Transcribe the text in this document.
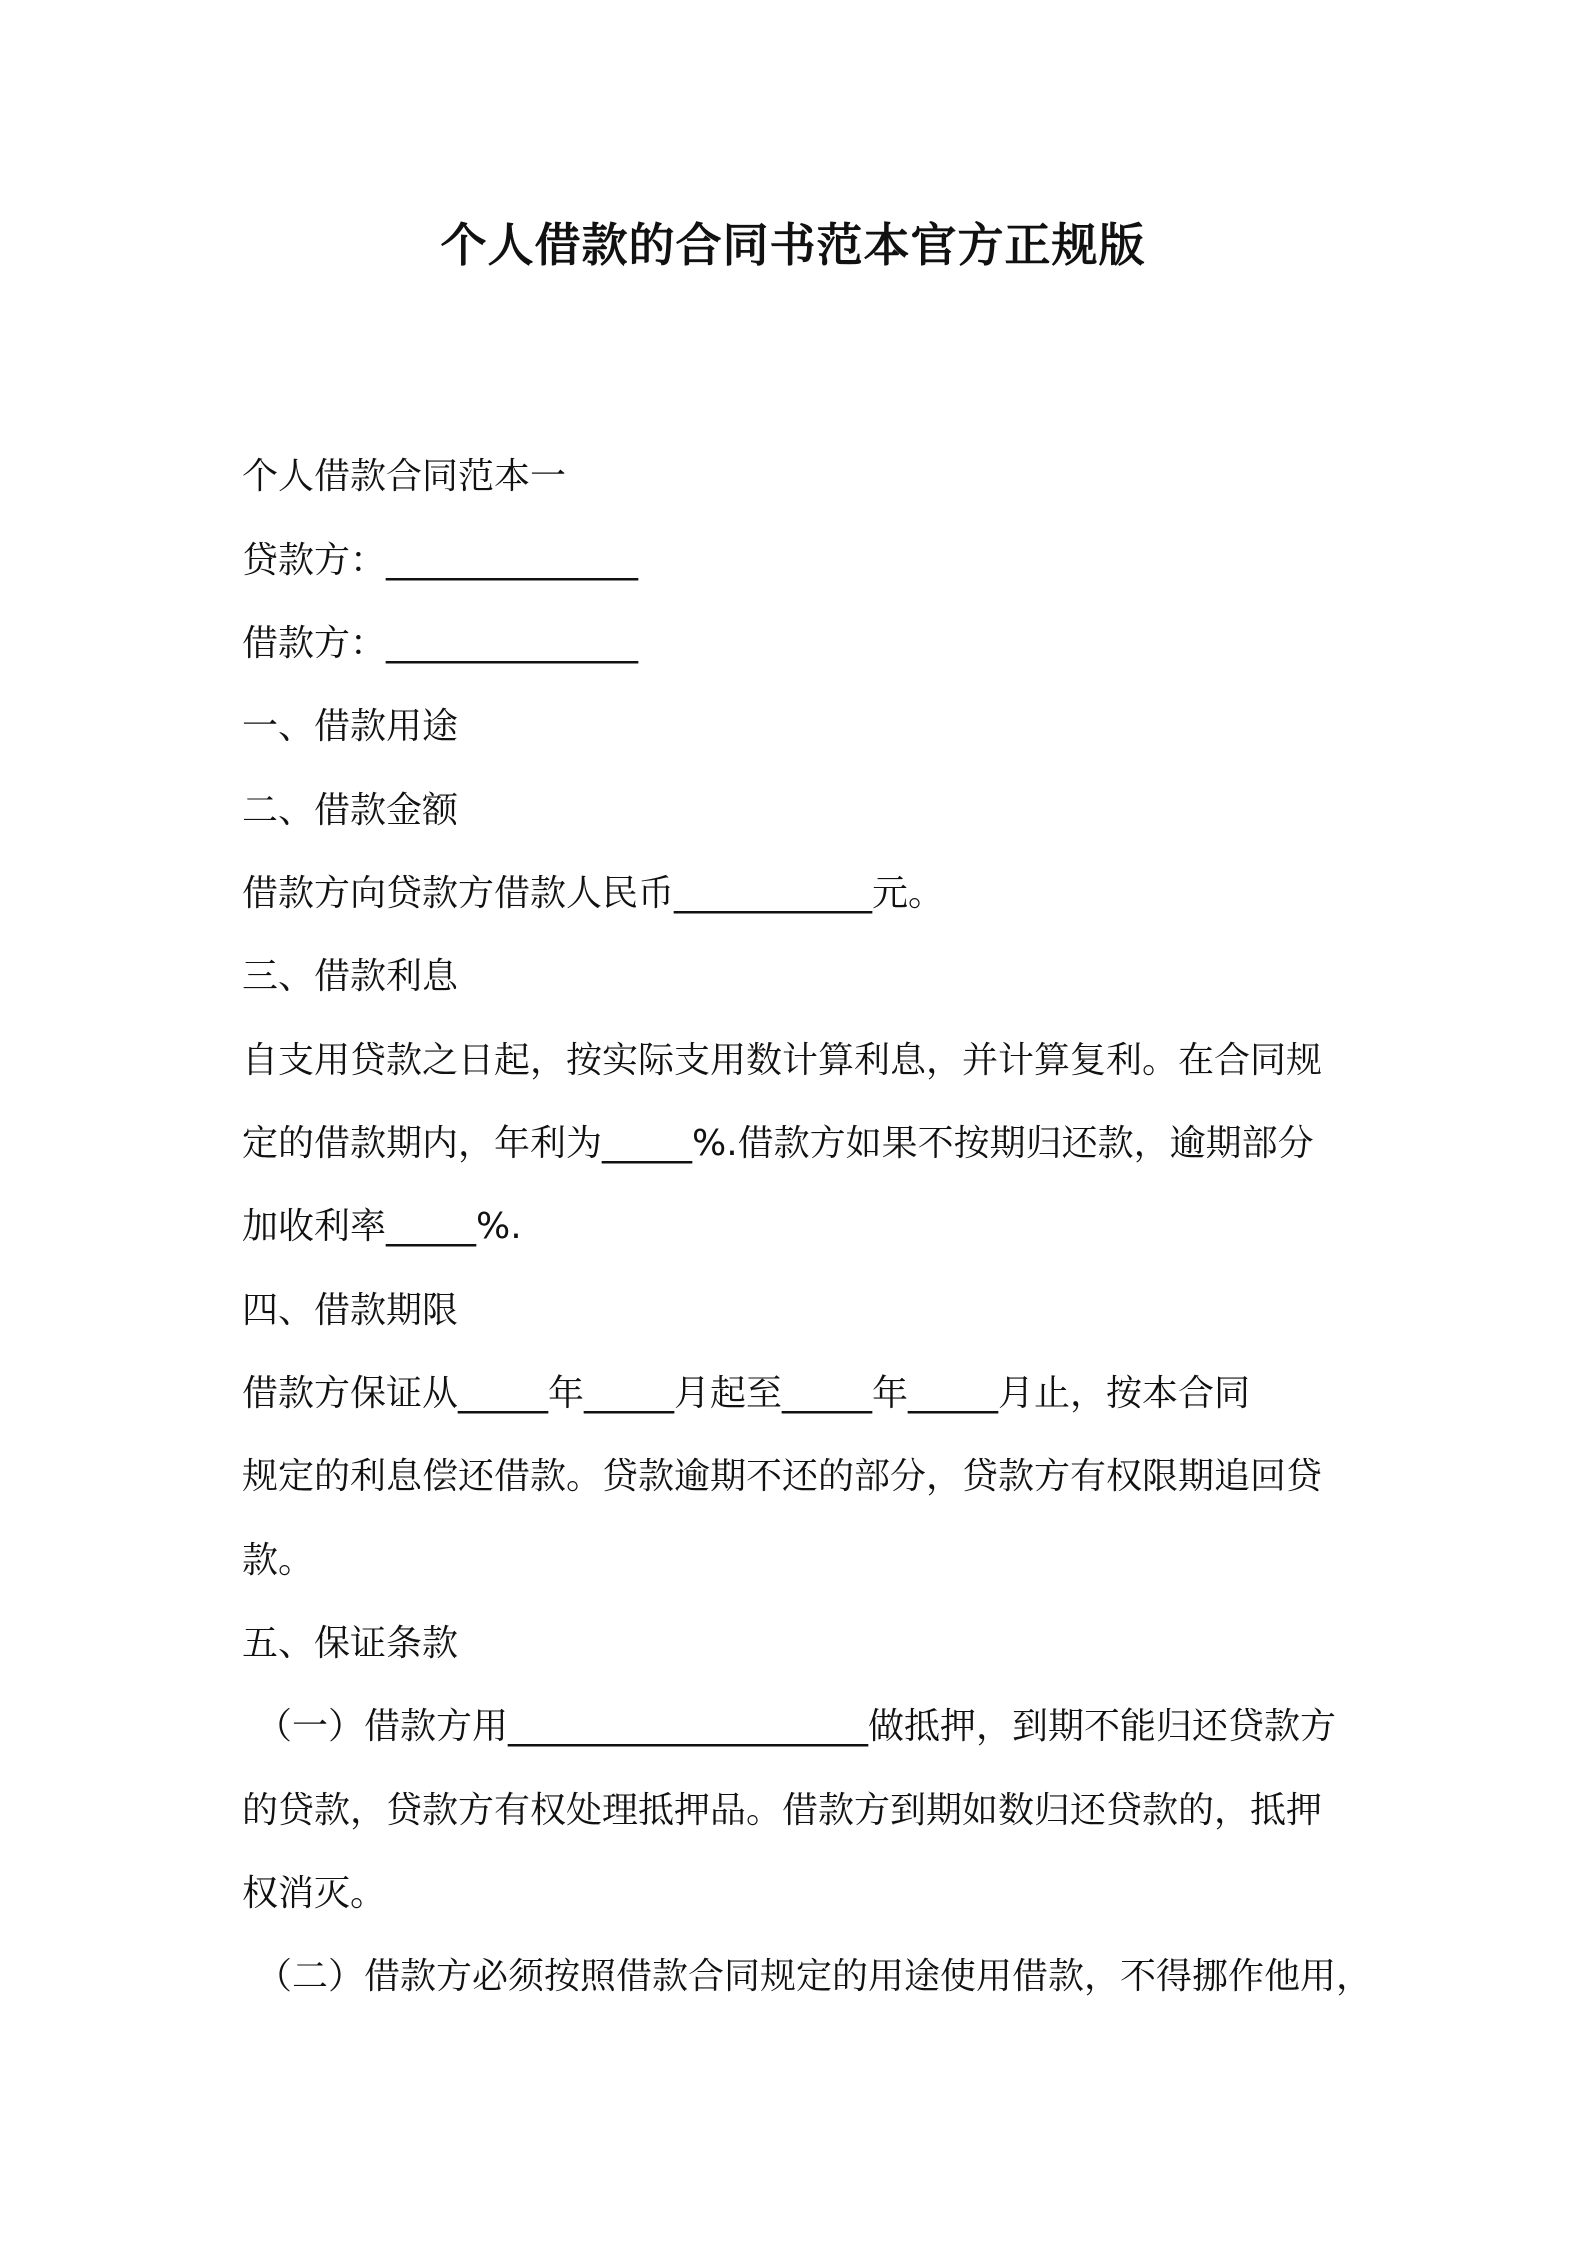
个人借款的合同书范本官方正规版
个人借款合同范本一
贷款方：______________
借款方：______________
一、借款用途
二、借款金额
借款方向贷款方借款人民币___________元。
三、借款利息
自支用贷款之日起，按实际支用数计算利息，并计算复利。在合同规
定的借款期内，年利为_____%.借款方如果不按期归还款，逾期部分
加收利率_____%.
四、借款期限
借款方保证从_____年_____月起至_____年_____月止，按本合同
规定的利息偿还借款。贷款逾期不还的部分，贷款方有权限期追回贷
款。
五、保证条款
（一）借款方用____________________做抵押，到期不能归还贷款方
的贷款，贷款方有权处理抵押品。借款方到期如数归还贷款的，抵押
权消灭。
（二）借款方必须按照借款合同规定的用途使用借款，不得挪作他用，
